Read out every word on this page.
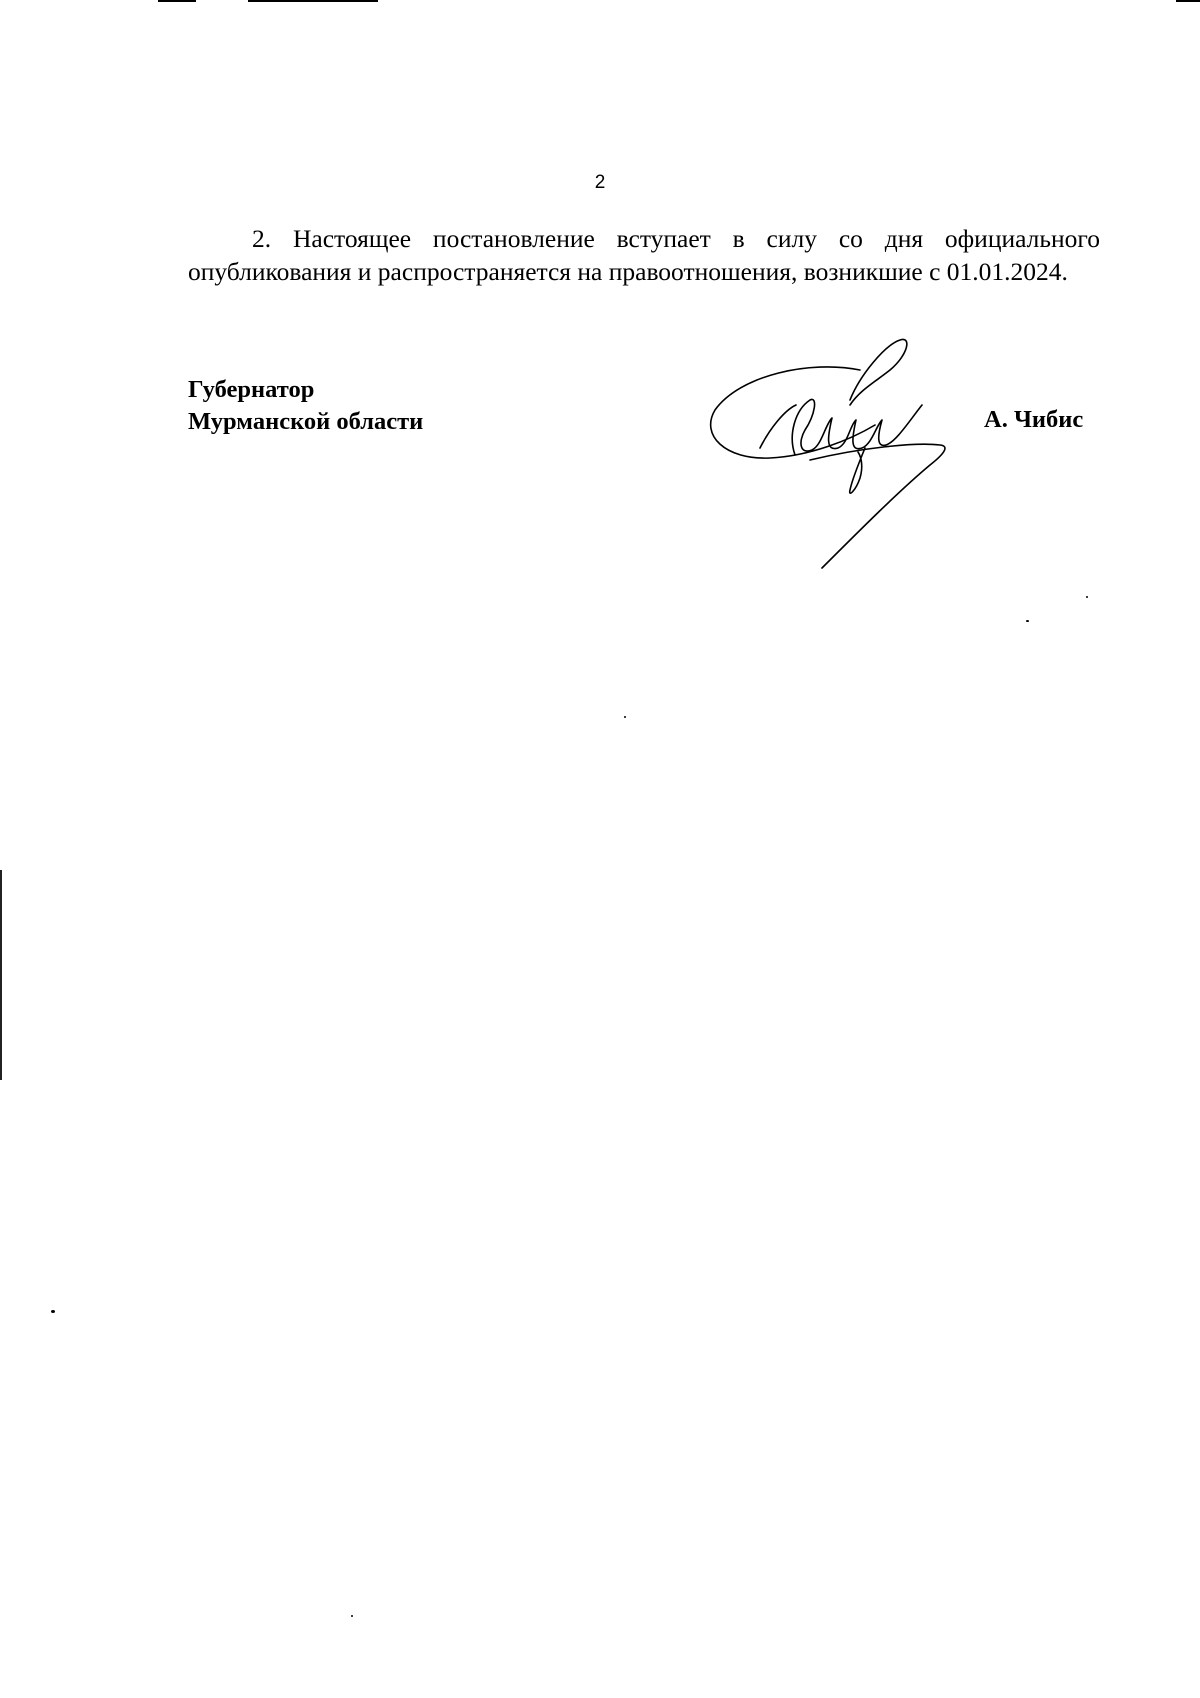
2
2. Настоящее постановление вступает в силу со дня официального
опубликования и распространяется на правоотношения, возникшие с 01.01.2024.
Губернатор
Мурманской области	А. Чибис
